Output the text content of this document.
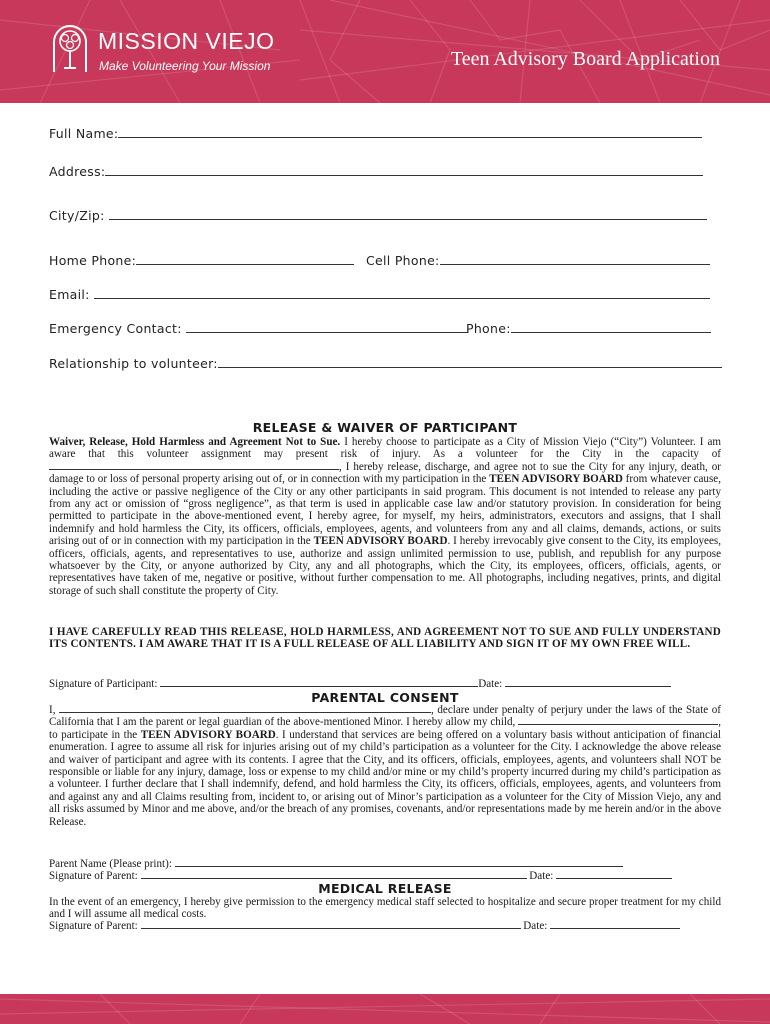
MISSION VIEJO
Make Volunteering Your Mission	Teen Advisory Board Application
Full Name:
Address:
City/Zip:
Home Phone:	Cell Phone:
Email:
Emergency Contact:	Phone:
Relationship to volunteer:
RELEASE & WAIVER OF PARTICIPANT
Waiver, Release, Hold Harmless and Agreement Not to Sue. I hereby choose to participate as a City of Mission Viejo (“City”) Volunteer. I am aware that this volunteer assignment may present risk of injury. As a volunteer for the City in the capacity of , I hereby release, discharge, and agree not to sue the City for any injury, death, or damage to or loss of personal property arising out of, or in connection with my participation in the TEEN ADVISORY BOARD from whatever cause, including the active or passive negligence of the City or any other participants in said program. This document is not intended to release any party from any act or omission of “gross negligence”, as that term is used in applicable case law and/or statutory provision. In consideration for being permitted to participate in the above-mentioned event, I hereby agree, for myself, my heirs, administrators, executors and assigns, that I shall indemnify and hold harmless the City, its officers, officials, employees, agents, and volunteers from any and all claims, demands, actions, or suits arising out of or in connection with my participation in the TEEN ADVISORY BOARD. I hereby irrevocably give consent to the City, its employees, officers, officials, agents, and representatives to use, authorize and assign unlimited permission to use, publish, and republish for any purpose whatsoever by the City, or anyone authorized by City, any and all photographs, which the City, its employees, officers, officials, agents, or representatives have taken of me, negative or positive, without further compensation to me. All photographs, including negatives, prints, and digital storage of such shall constitute the property of City.
I HAVE CAREFULLY READ THIS RELEASE, HOLD HARMLESS, AND AGREEMENT NOT TO SUE AND FULLY UNDERSTAND ITS CONTENTS. I AM AWARE THAT IT IS A FULL RELEASE OF ALL LIABILITY AND SIGN IT OF MY OWN FREE WILL.
Signature of Participant:	Date:
PARENTAL CONSENT
I,	, declare under penalty of perjury under the laws of the State of California that I am the parent or legal guardian of the above-mentioned Minor. I hereby allow my child,	, to participate in the TEEN ADVISORY BOARD. I understand that services are being offered on a voluntary basis without anticipation of financial enumeration. I agree to assume all risk for injuries arising out of my child’s participation as a volunteer for the City. I acknowledge the above release and waiver of participant and agree with its contents. I agree that the City, and its officers, officials, employees, agents, and volunteers shall NOT be responsible or liable for any injury, damage, loss or expense to my child and/or mine or my child’s property incurred during my child’s participation as a volunteer. I further declare that I shall indemnify, defend, and hold harmless the City, its officers, officials, employees, agents, and volunteers from and against any and all Claims resulting from, incident to, or arising out of Minor’s participation as a volunteer for the City of Mission Viejo, any and all risks assumed by Minor and me above, and/or the breach of any promises, covenants, and/or representations made by me herein and/or in the above Release.
Parent Name (Please print):
Signature of Parent:	Date:
MEDICAL RELEASE
In the event of an emergency, I hereby give permission to the emergency medical staff selected to hospitalize and secure proper treatment for my child and I will assume all medical costs.
Signature of Parent:	Date:
